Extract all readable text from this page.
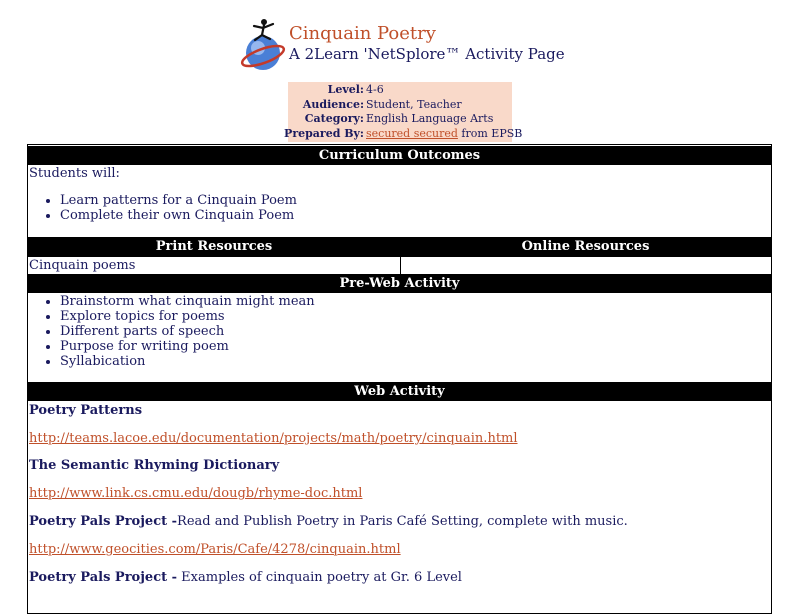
Cinquain Poetry
A 2Learn 'NetSplore™ Activity Page
Level: 4-6
Audience: Student, Teacher
Category: English Language Arts
Prepared By: secured secured from EPSB
Curriculum Outcomes
Students will:
• Learn patterns for a Cinquain Poem
• Complete their own Cinquain Poem
Print Resources	Online Resources
Cinquain poems
Pre-Web Activity
• Brainstorm what cinquain might mean
• Explore topics for poems
• Different parts of speech
• Purpose for writing poem
• Syllabication
Web Activity
Poetry Patterns
http://teams.lacoe.edu/documentation/projects/math/poetry/cinquain.html
The Semantic Rhyming Dictionary
http://www.link.cs.cmu.edu/dougb/rhyme-doc.html
Poetry Pals Project -Read and Publish Poetry in Paris Café Setting, complete with music.
http://www.geocities.com/Paris/Cafe/4278/cinquain.html
Poetry Pals Project - Examples of cinquain poetry at Gr. 6 Level
